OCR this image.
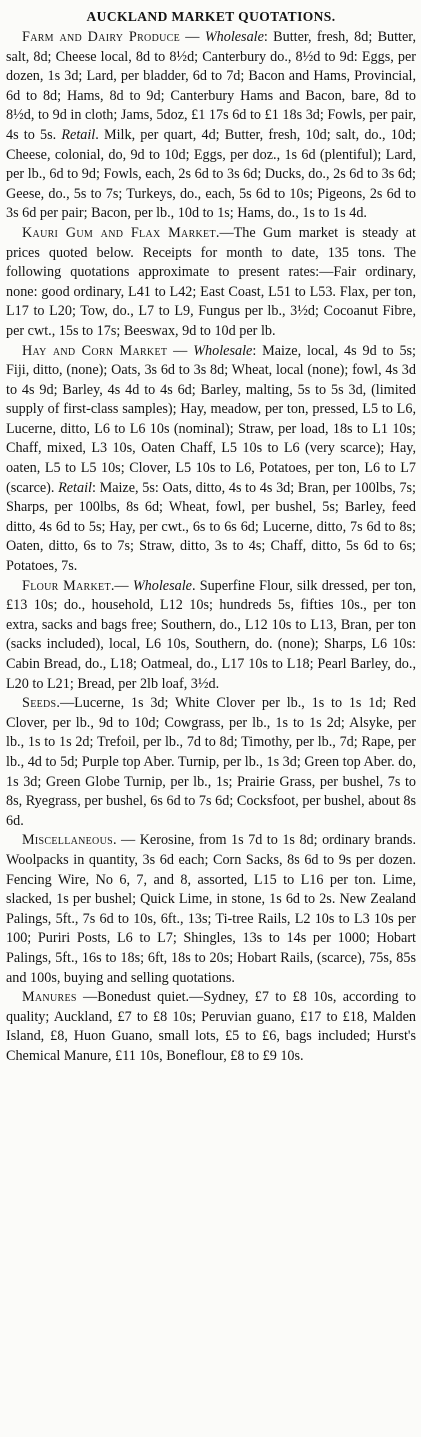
AUCKLAND MARKET QUOTATIONS.

Farm and Dairy Produce — Wholesale: Butter, fresh, 8d; Butter, salt, 8d; Cheese local, 8d to 8½d; Canterbury do., 8½d to 9d: Eggs, per dozen, 1s 3d; Lard, per bladder, 6d to 7d; Bacon and Hams, Provincial, 6d to 8d; Hams, 8d to 9d; Canterbury Hams and Bacon, bare, 8d to 8½d, to 9d in cloth; Jams, 5doz, £1 17s 6d to £1 18s 3d; Fowls, per pair, 4s to 5s. Retail. Milk, per quart, 4d; Butter, fresh, 10d; salt, do., 10d; Cheese, colonial, do, 9d to 10d; Eggs, per doz., 1s 6d (plentiful); Lard, per lb., 6d to 9d; Fowls, each, 2s 6d to 3s 6d; Ducks, do., 2s 6d to 3s 6d; Geese, do., 5s to 7s; Turkeys, do., each, 5s 6d to 10s; Pigeons, 2s 6d to 3s 6d per pair; Bacon, per lb., 10d to 1s; Hams, do., 1s to 1s 4d.

Kauri Gum and Flax Market.—The Gum market is steady at prices quoted below. Receipts for month to date, 135 tons. The following quotations approximate to present rates:—Fair ordinary, none: good ordinary, L41 to L42; East Coast, L51 to L53. Flax, per ton, L17 to L20; Tow, do., L7 to L9, Fungus per lb., 3½d; Cocoanut Fibre, per cwt., 15s to 17s; Beeswax, 9d to 10d per lb.

Hay and Corn Market — Wholesale: Maize, local, 4s 9d to 5s; Fiji, ditto, (none); Oats, 3s 6d to 3s 8d; Wheat, local (none); fowl, 4s 3d to 4s 9d; Barley, 4s 4d to 4s 6d; Barley, malting, 5s to 5s 3d, (limited supply of first-class samples); Hay, meadow, per ton, pressed, L5 to L6, Lucerne, ditto, L6 to L6 10s (nominal); Straw, per load, 18s to L1 10s; Chaff, mixed, L3 10s, Oaten Chaff, L5 10s to L6 (very scarce); Hay, oaten, L5 to L5 10s; Clover, L5 10s to L6, Potatoes, per ton, L6 to L7 (scarce). Retail: Maize, 5s: Oats, ditto, 4s to 4s 3d; Bran, per 100lbs, 7s; Sharps, per 100lbs, 8s 6d; Wheat, fowl, per bushel, 5s; Barley, feed ditto, 4s 6d to 5s; Hay, per cwt., 6s to 6s 6d; Lucerne, ditto, 7s 6d to 8s; Oaten, ditto, 6s to 7s; Straw, ditto, 3s to 4s; Chaff, ditto, 5s 6d to 6s; Potatoes, 7s.

Flour Market.— Wholesale. Superfine Flour, silk dressed, per ton, £13 10s; do., household, L12 10s; hundreds 5s, fifties 10s., per ton extra, sacks and bags free; Southern, do., L12 10s to L13, Bran, per ton (sacks included), local, L6 10s, Southern, do. (none); Sharps, L6 10s: Cabin Bread, do., L18; Oatmeal, do., L17 10s to L18; Pearl Barley, do., L20 to L21; Bread, per 2lb loaf, 3½d.

Seeds.—Lucerne, 1s 3d; White Clover per lb., 1s to 1s 1d; Red Clover, per lb., 9d to 10d; Cowgrass, per lb., 1s to 1s 2d; Alsyke, per lb., 1s to 1s 2d; Trefoil, per lb., 7d to 8d; Timothy, per lb., 7d; Rape, per lb., 4d to 5d; Purple top Aber. Turnip, per lb., 1s 3d; Green top Aber. do, 1s 3d; Green Globe Turnip, per lb., 1s; Prairie Grass, per bushel, 7s to 8s, Ryegrass, per bushel, 6s 6d to 7s 6d; Cocksfoot, per bushel, about 8s 6d.

Miscellaneous. — Kerosine, from 1s 7d to 1s 8d; ordinary brands. Woolpacks in quantity, 3s 6d each; Corn Sacks, 8s 6d to 9s per dozen. Fencing Wire, No 6, 7, and 8, assorted, L15 to L16 per ton. Lime, slacked, 1s per bushel; Quick Lime, in stone, 1s 6d to 2s. New Zealand Palings, 5ft., 7s 6d to 10s, 6ft., 13s; Ti-tree Rails, L2 10s to L3 10s per 100; Puriri Posts, L6 to L7; Shingles, 13s to 14s per 1000; Hobart Palings, 5ft., 16s to 18s; 6ft, 18s to 20s; Hobart Rails, (scarce), 75s, 85s and 100s, buying and selling quotations.

Manures —Bonedust quiet.—Sydney, £7 to £8 10s, according to quality; Auckland, £7 to £8 10s; Peruvian guano, £17 to £18, Malden Island, £8, Huon Guano, small lots, £5 to £6, bags included; Hurst's Chemical Manure, £11 10s, Boneflour, £8 to £9 10s.
